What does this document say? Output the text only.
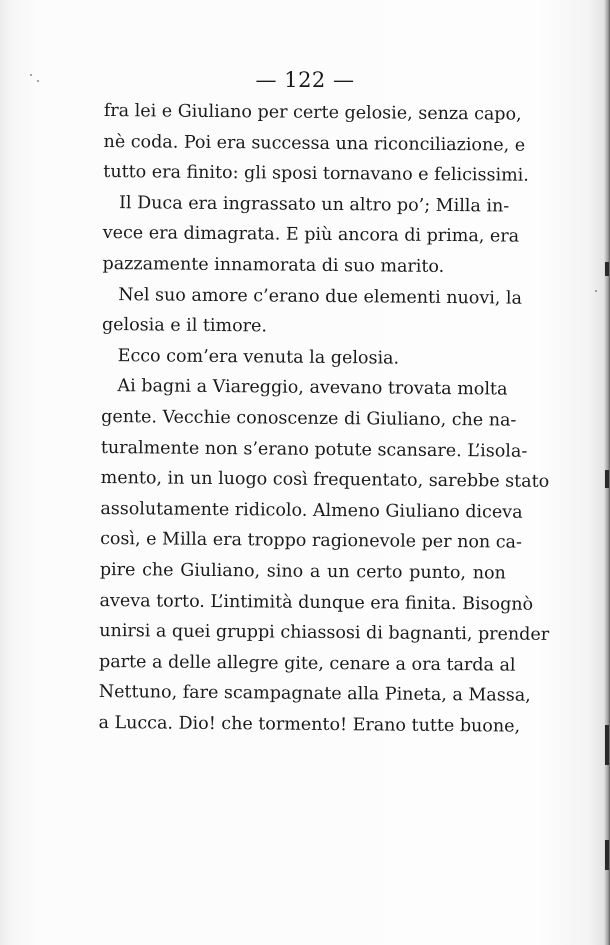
— 122 —
fra lei e Giuliano per certe gelosie, senza capo,
nè coda. Poi era successa una riconciliazione, e
tutto era finito: gli sposi tornavano e felicissimi.
Il Duca era ingrassato un altro po’; Milla in-
vece era dimagrata. E più ancora di prima, era
pazzamente innamorata di suo marito.
Nel suo amore c’erano due elementi nuovi, la
gelosia e il timore.
Ecco com’era venuta la gelosia.
Ai bagni a Viareggio, avevano trovata molta
gente. Vecchie conoscenze di Giuliano, che na-
turalmente non s’erano potute scansare. L’isola-
mento, in un luogo così frequentato, sarebbe stato
assolutamente ridicolo. Almeno Giuliano diceva
così, e Milla era troppo ragionevole per non ca-
pire che Giuliano, sino a un certo punto, non
aveva torto. L’intimità dunque era finita. Bisognò
unirsi a quei gruppi chiassosi di bagnanti, prender
parte a delle allegre gite, cenare a ora tarda al
Nettuno, fare scampagnate alla Pineta, a Massa,
a Lucca. Dio! che tormento! Erano tutte buone,
